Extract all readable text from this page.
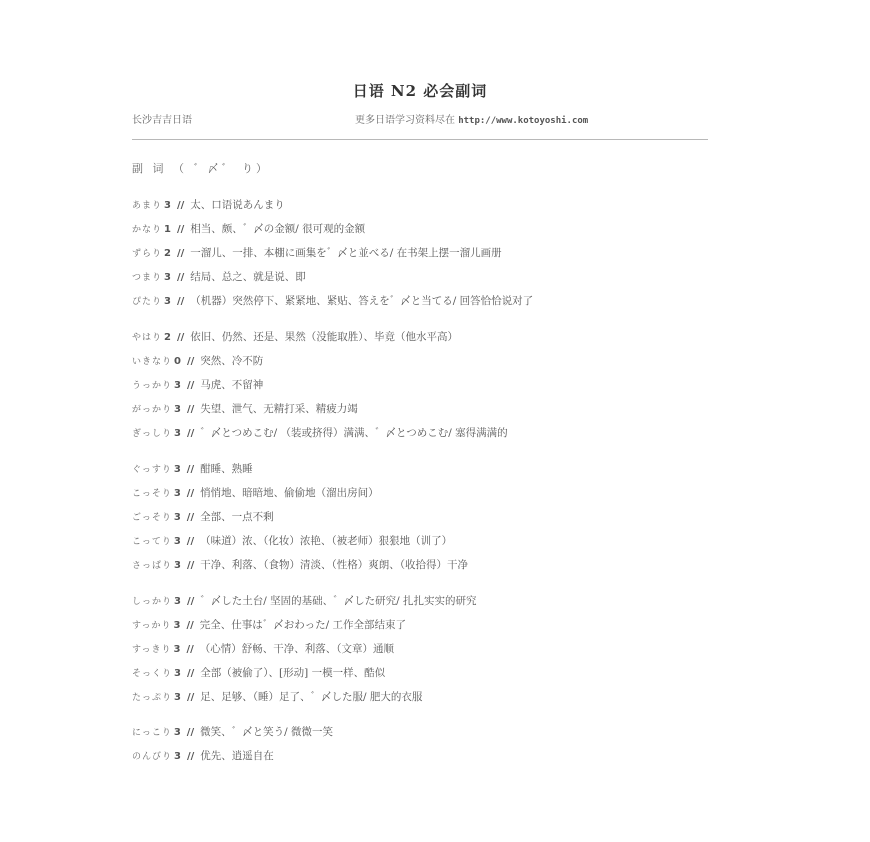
日语 N2 必会副词
长沙吉吉日语	更多日语学习资料尽在 http://www.kotoyoshi.com
副 词 （ ゛〆゛ り）
あまり 3 // 太、口语说あんまり
かなり 1 // 相当、颇、゛〆の金额/ 很可观的金额
ずらり 2 // 一溜儿、一排、本棚に画集を゛〆と並べる/ 在书架上摆一溜儿画册
つまり 3 // 结局、总之、就是说、即
ぴたり 3 // （机器）突然停下、紧紧地、紧贴、答えを゛〆と当てる/ 回答恰恰说对了
やはり 2 // 依旧、仍然、还是、果然（没能取胜）、毕竟（他水平高）
いきなり 0 // 突然、冷不防
うっかり 3 // 马虎、不留神
がっかり 3 // 失望、泄气、无精打采、精疲力竭
ぎっしり 3 // ゛〆とつめこむ/ （装或挤得）满满、゛〆とつめこむ/ 塞得满满的
ぐっすり 3 // 酣睡、熟睡
こっそり 3 // 悄悄地、暗暗地、偷偷地（溜出房间）
ごっそり 3 // 全部、一点不剩
こってり 3 // （味道）浓、（化妆）浓艳、（被老师）狠狠地（训了）
さっぱり 3 // 干净、利落、（食物）清淡、（性格）爽朗、（收拾得）干净
しっかり 3 // ゛〆した土台/ 坚固的基础、゛〆した研究/ 扎扎实实的研究
すっかり 3 // 完全、仕事は゛〆おわった/ 工作全部结束了
すっきり 3 // （心情）舒畅、干净、利落、（文章）通顺
そっくり 3 // 全部（被偷了）、[形动] 一模一样、酷似
たっぷり 3 // 足、足够、（睡）足了、゛〆した服/ 肥大的衣服
にっこり 3 // 微笑、゛〆と笑う/ 微微一笑
のんびり 3 // 优先、逍遥自在
